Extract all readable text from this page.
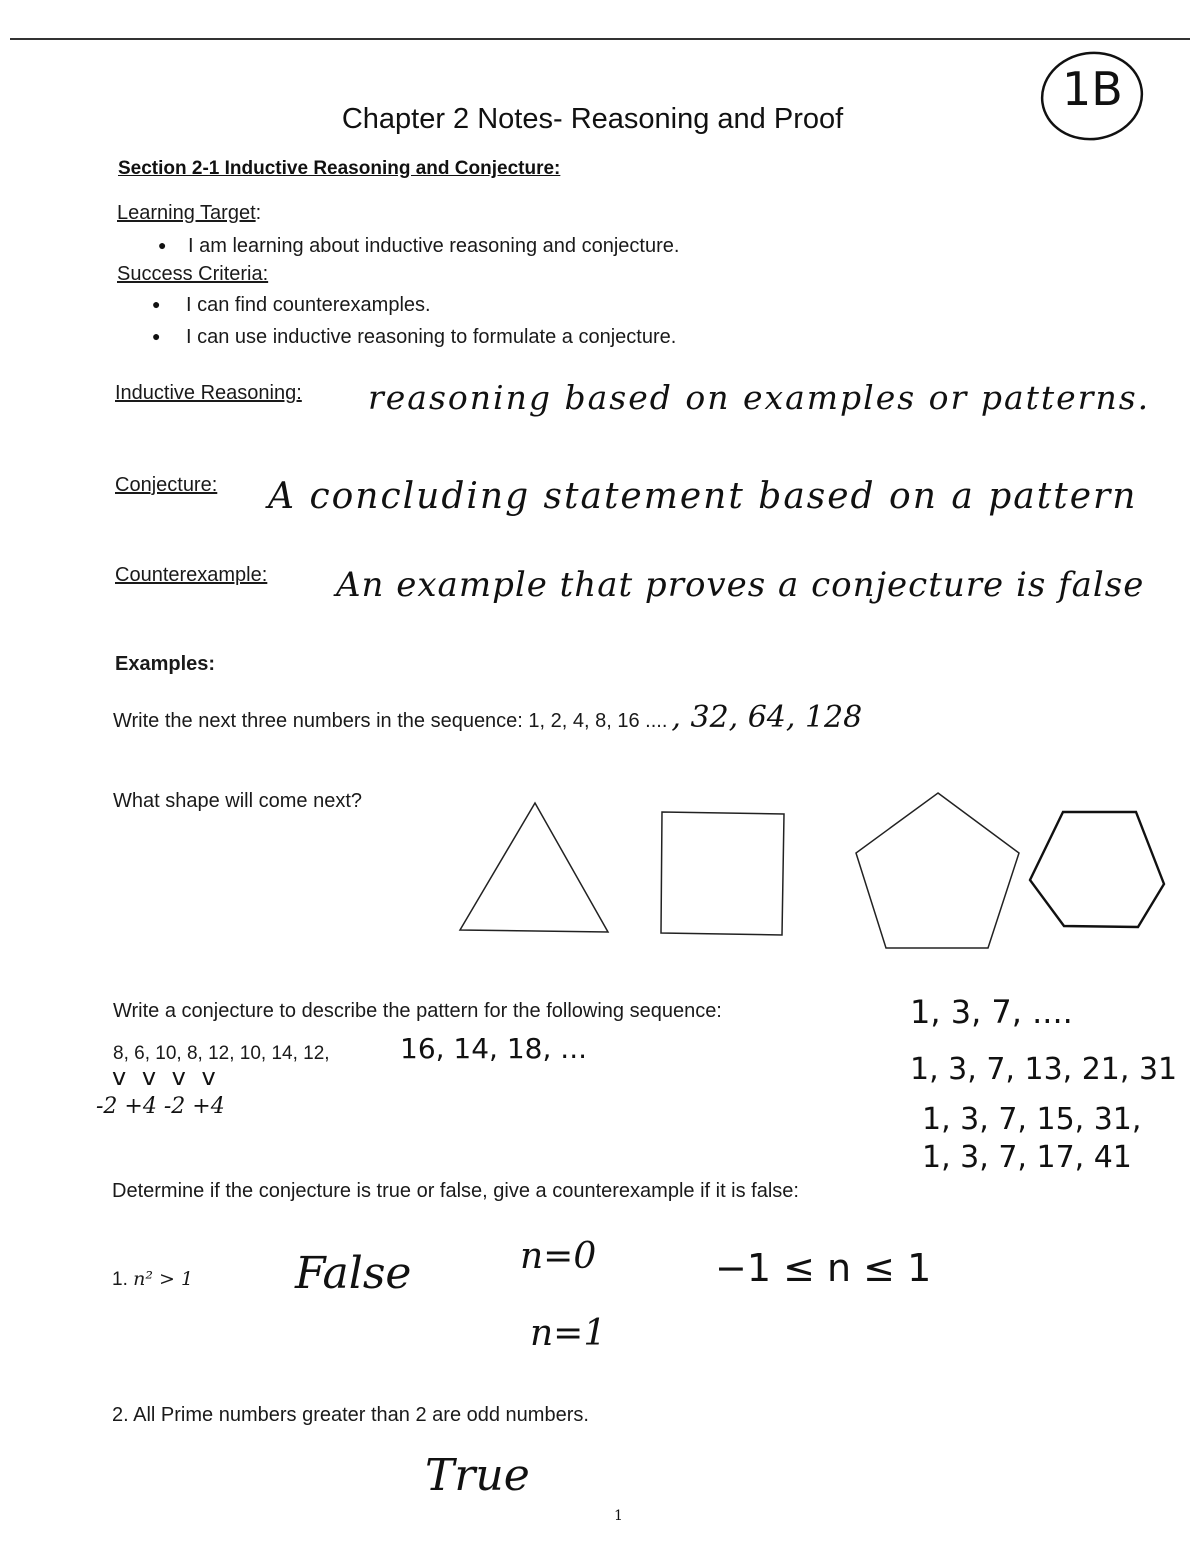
1B
Chapter 2 Notes- Reasoning and Proof
Section 2-1 Inductive Reasoning and Conjecture:
Learning Target:
● I am learning about inductive reasoning and conjecture.
Success Criteria:
● I can find counterexamples.
● I can use inductive reasoning to formulate a conjecture.
Inductive Reasoning: reasoning based on examples or patterns.
Conjecture: A concluding statement based on a pattern
Counterexample: An example that proves a conjecture is false
Examples:
Write the next three numbers in the sequence: 1, 2, 4, 8, 16 .... , 32, 64, 128
What shape will come next?
Write a conjecture to describe the pattern for the following sequence:
8, 6, 10, 8, 12, 10, 14, 12,	16, 14, 18, ...
v v v v
-2 +4 -2 +4
1, 3, 7, ....
1, 3, 7, 13, 21, 31
1, 3, 7, 15, 31,
1, 3, 7, 17, 41
Determine if the conjecture is true or false, give a counterexample if it is false:
1. n² > 1 False	n=0
n=1
−1 ≤ n ≤ 1
2. All Prime numbers greater than 2 are odd numbers.
True
1
